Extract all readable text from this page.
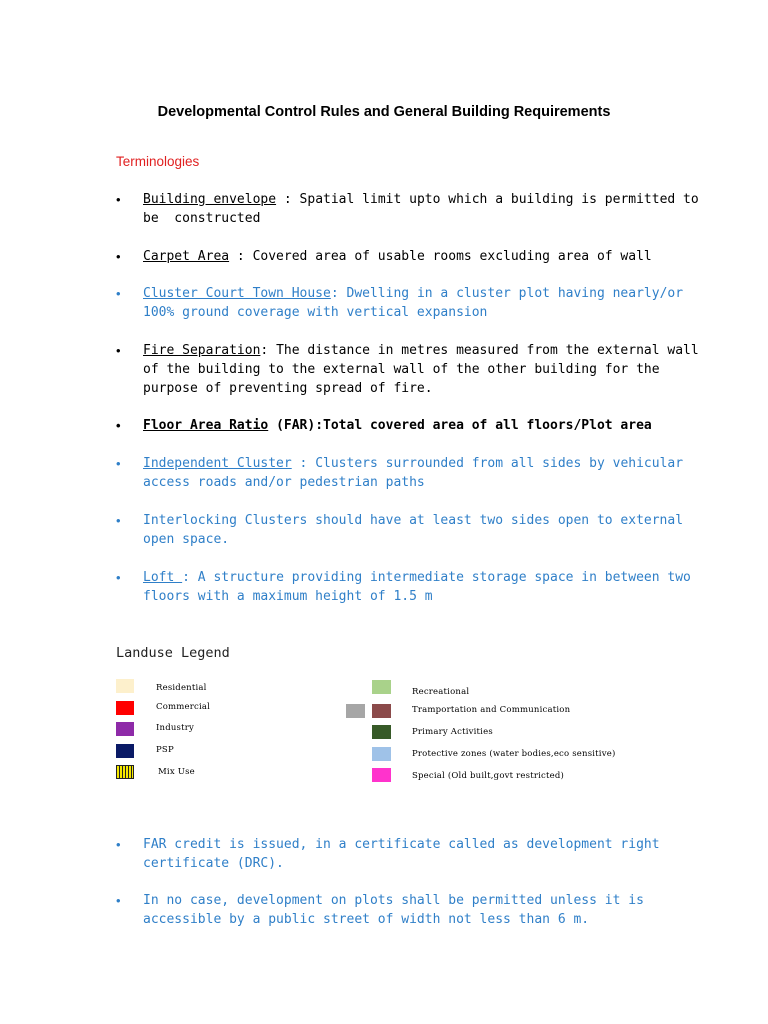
Developmental Control Rules and General Building Requirements
Terminologies
• Building envelope : Spatial limit upto which a building is permitted to be  constructed
• Carpet Area : Covered area of usable rooms excluding area of wall
• Cluster Court Town House: Dwelling in a cluster plot having nearly/or 100% ground coverage with vertical expansion
• Fire Separation: The distance in metres measured from the external wall of the building to the external wall of the other building for the purpose of preventing spread of fire.
• Floor Area Ratio (FAR):Total covered area of all floors/Plot area
• Independent Cluster : Clusters surrounded from all sides by vehicular access roads and/or pedestrian paths
• Interlocking Clusters should have at least two sides open to external open space.
• Loft : A structure providing intermediate storage space in between two floors with a maximum height of 1.5 m
Landuse Legend
Residential
Commercial
Industry
PSP
Mix Use
Recreational
Tramportation and Communication
Primary Activities
Protective zones (water bodies,eco sensitive)
Special (Old built,govt restricted)
• FAR credit is issued, in a certificate called as development right certificate (DRC).
• In no case, development on plots shall be permitted unless it is accessible by a public street of width not less than 6 m.
